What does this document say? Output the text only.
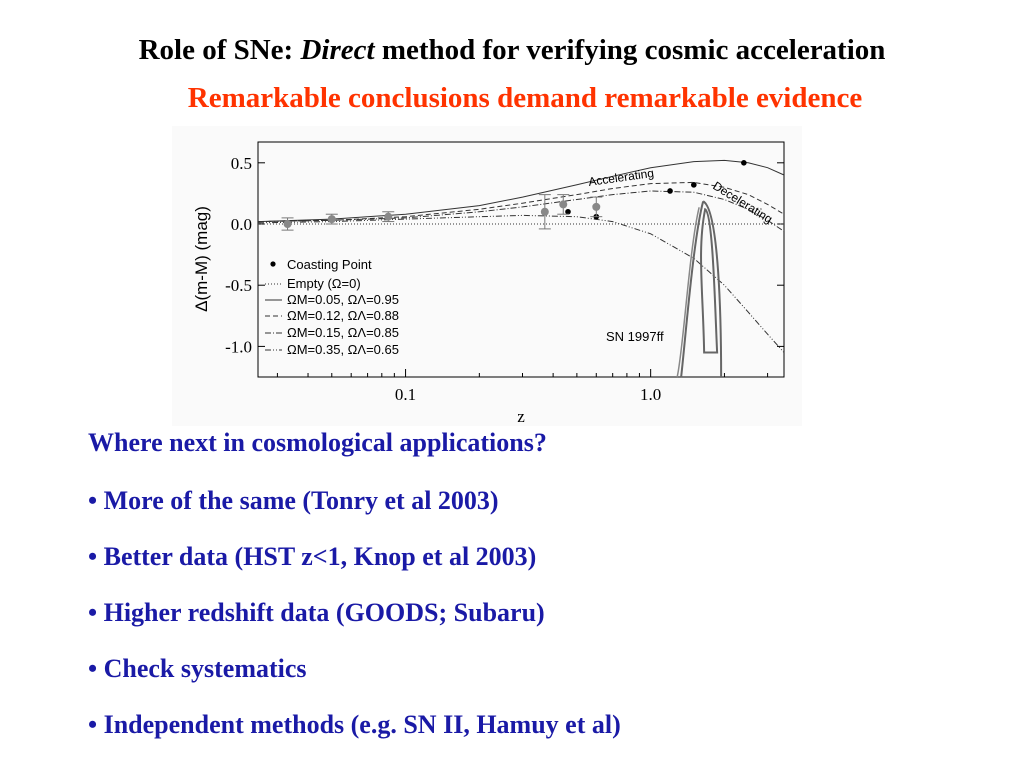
Role of SNe: Direct method for verifying cosmic acceleration
Remarkable conclusions demand remarkable evidence
Δ(m-M) (mag)
z
Accelerating
Decelerating
SN 1997ff
Coasting Point
Empty (Ω=0)
ΩM=0.05, ΩΛ=0.95
ΩM=0.12, ΩΛ=0.88
ΩM=0.15, ΩΛ=0.85
ΩM=0.35, ΩΛ=0.65
0.5
0.0
-0.5
-1.0
0.1	1.0
Where next in cosmological applications?
• More of the same (Tonry et al 2003)
• Better data (HST z<1, Knop et al 2003)
• Higher redshift data (GOODS; Subaru)
• Check systematics
• Independent methods (e.g. SN II, Hamuy et al)
